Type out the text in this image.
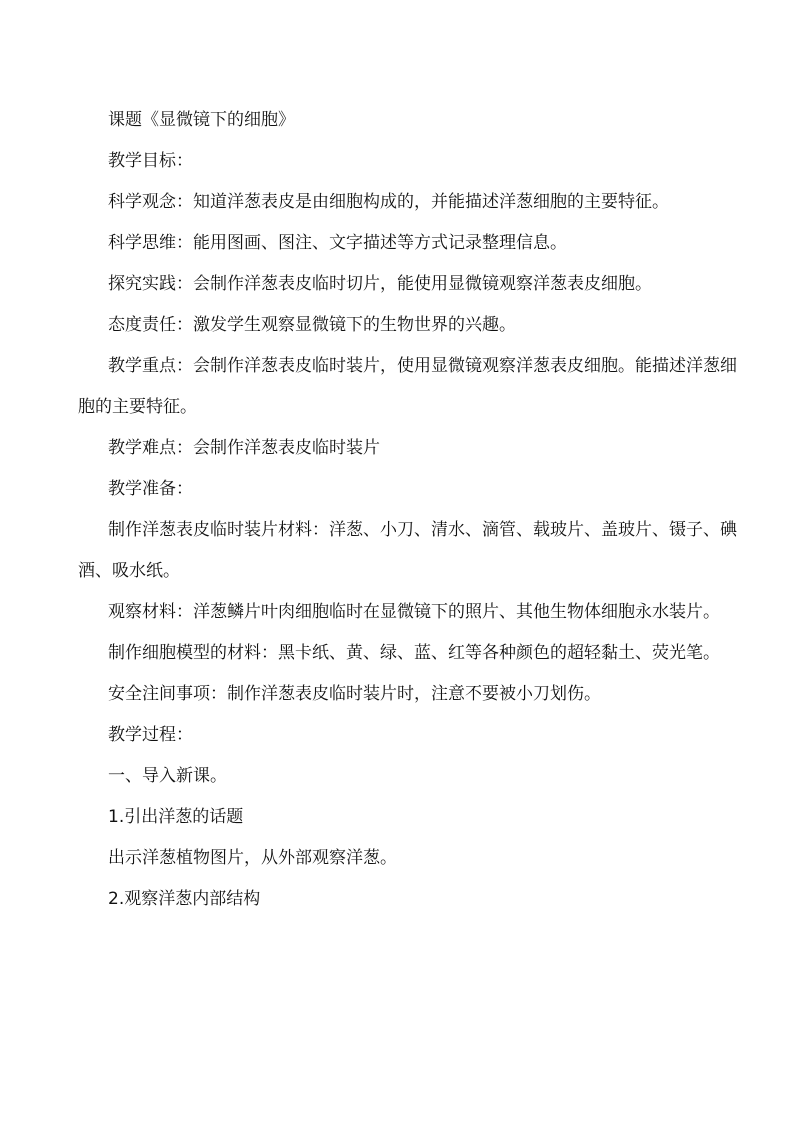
课题《显微镜下的细胞》

教学目标：

科学观念：知道洋葱表皮是由细胞构成的，并能描述洋葱细胞的主要特征。

科学思维：能用图画、图注、文字描述等方式记录整理信息。

探究实践：会制作洋葱表皮临时切片，能使用显微镜观察洋葱表皮细胞。

态度责任：激发学生观察显微镜下的生物世界的兴趣。

教学重点：会制作洋葱表皮临时装片，使用显微镜观察洋葱表皮细胞。能描述洋葱细胞的主要特征。

教学难点：会制作洋葱表皮临时装片

教学准备：

制作洋葱表皮临时装片材料：洋葱、小刀、清水、滴管、载玻片、盖玻片、镊子、碘酒、吸水纸。

观察材料：洋葱鳞片叶肉细胞临时在显微镜下的照片、其他生物体细胞永水装片。

制作细胞模型的材料：黑卡纸、黄、绿、蓝、红等各种颜色的超轻黏土、荧光笔。

安全注间事项：制作洋葱表皮临时装片时，注意不要被小刀划伤。

教学过程：

一、导入新课。

1.引出洋葱的话题

出示洋葱植物图片，从外部观察洋葱。

2.观察洋葱内部结构
